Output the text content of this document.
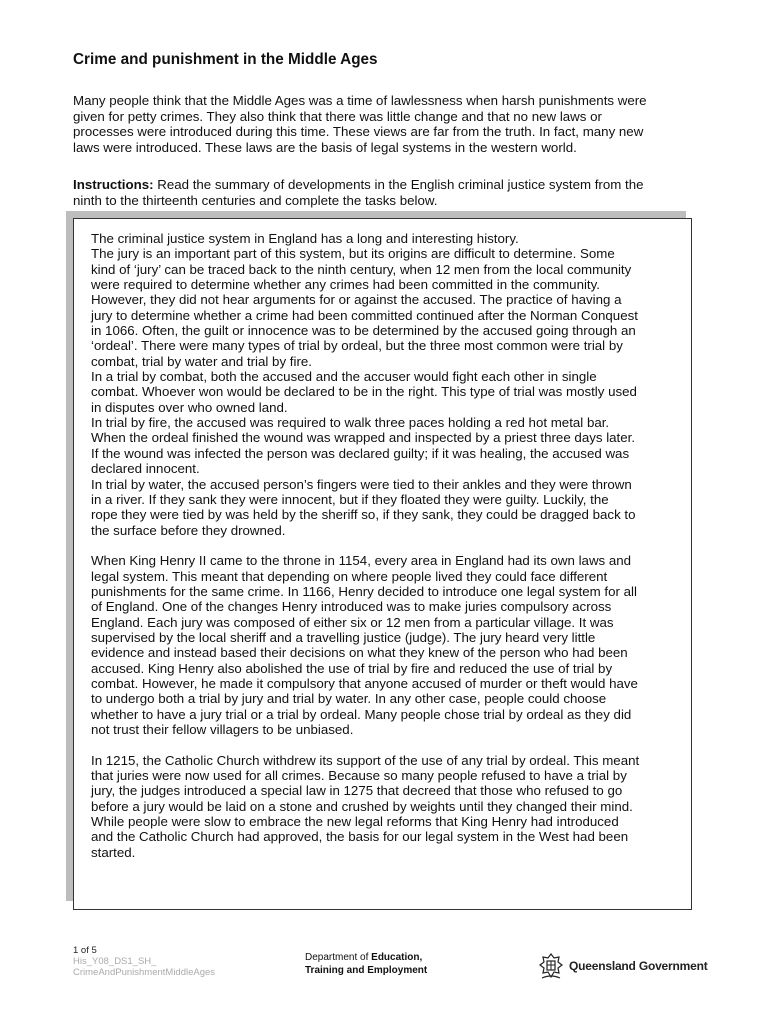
Crime and punishment in the Middle Ages
Many people think that the Middle Ages was a time of lawlessness when harsh punishments were
given for petty crimes. They also think that there was little change and that no new laws or
processes were introduced during this time. These views are far from the truth. In fact, many new
laws were introduced. These laws are the basis of legal systems in the western world.
Instructions: Read the summary of developments in the English criminal justice system from the
ninth to the thirteenth centuries and complete the tasks below.
The criminal justice system in England has a long and interesting history.
The jury is an important part of this system, but its origins are difficult to determine. Some
kind of ‘jury’ can be traced back to the ninth century, when 12 men from the local community
were required to determine whether any crimes had been committed in the community.
However, they did not hear arguments for or against the accused. The practice of having a
jury to determine whether a crime had been committed continued after the Norman Conquest
in 1066. Often, the guilt or innocence was to be determined by the accused going through an
‘ordeal’. There were many types of trial by ordeal, but the three most common were trial by
combat, trial by water and trial by fire.
In a trial by combat, both the accused and the accuser would fight each other in single
combat. Whoever won would be declared to be in the right. This type of trial was mostly used
in disputes over who owned land.
In trial by fire, the accused was required to walk three paces holding a red hot metal bar.
When the ordeal finished the wound was wrapped and inspected by a priest three days later.
If the wound was infected the person was declared guilty; if it was healing, the accused was
declared innocent.
In trial by water, the accused person’s fingers were tied to their ankles and they were thrown
in a river. If they sank they were innocent, but if they floated they were guilty. Luckily, the
rope they were tied by was held by the sheriff so, if they sank, they could be dragged back to
the surface before they drowned.
When King Henry II came to the throne in 1154, every area in England had its own laws and
legal system. This meant that depending on where people lived they could face different
punishments for the same crime. In 1166, Henry decided to introduce one legal system for all
of England. One of the changes Henry introduced was to make juries compulsory across
England. Each jury was composed of either six or 12 men from a particular village. It was
supervised by the local sheriff and a travelling justice (judge). The jury heard very little
evidence and instead based their decisions on what they knew of the person who had been
accused. King Henry also abolished the use of trial by fire and reduced the use of trial by
combat. However, he made it compulsory that anyone accused of murder or theft would have
to undergo both a trial by jury and trial by water. In any other case, people could choose
whether to have a jury trial or a trial by ordeal. Many people chose trial by ordeal as they did
not trust their fellow villagers to be unbiased.
In 1215, the Catholic Church withdrew its support of the use of any trial by ordeal. This meant
that juries were now used for all crimes. Because so many people refused to have a trial by
jury, the judges introduced a special law in 1275 that decreed that those who refused to go
before a jury would be laid on a stone and crushed by weights until they changed their mind.
While people were slow to embrace the new legal reforms that King Henry had introduced
and the Catholic Church had approved, the basis for our legal system in the West had been
started.
1 of 5
His_Y08_DS1_SH_
CrimeAndPunishmentMiddleAges
Department of Education,
Training and Employment	Queensland Government
